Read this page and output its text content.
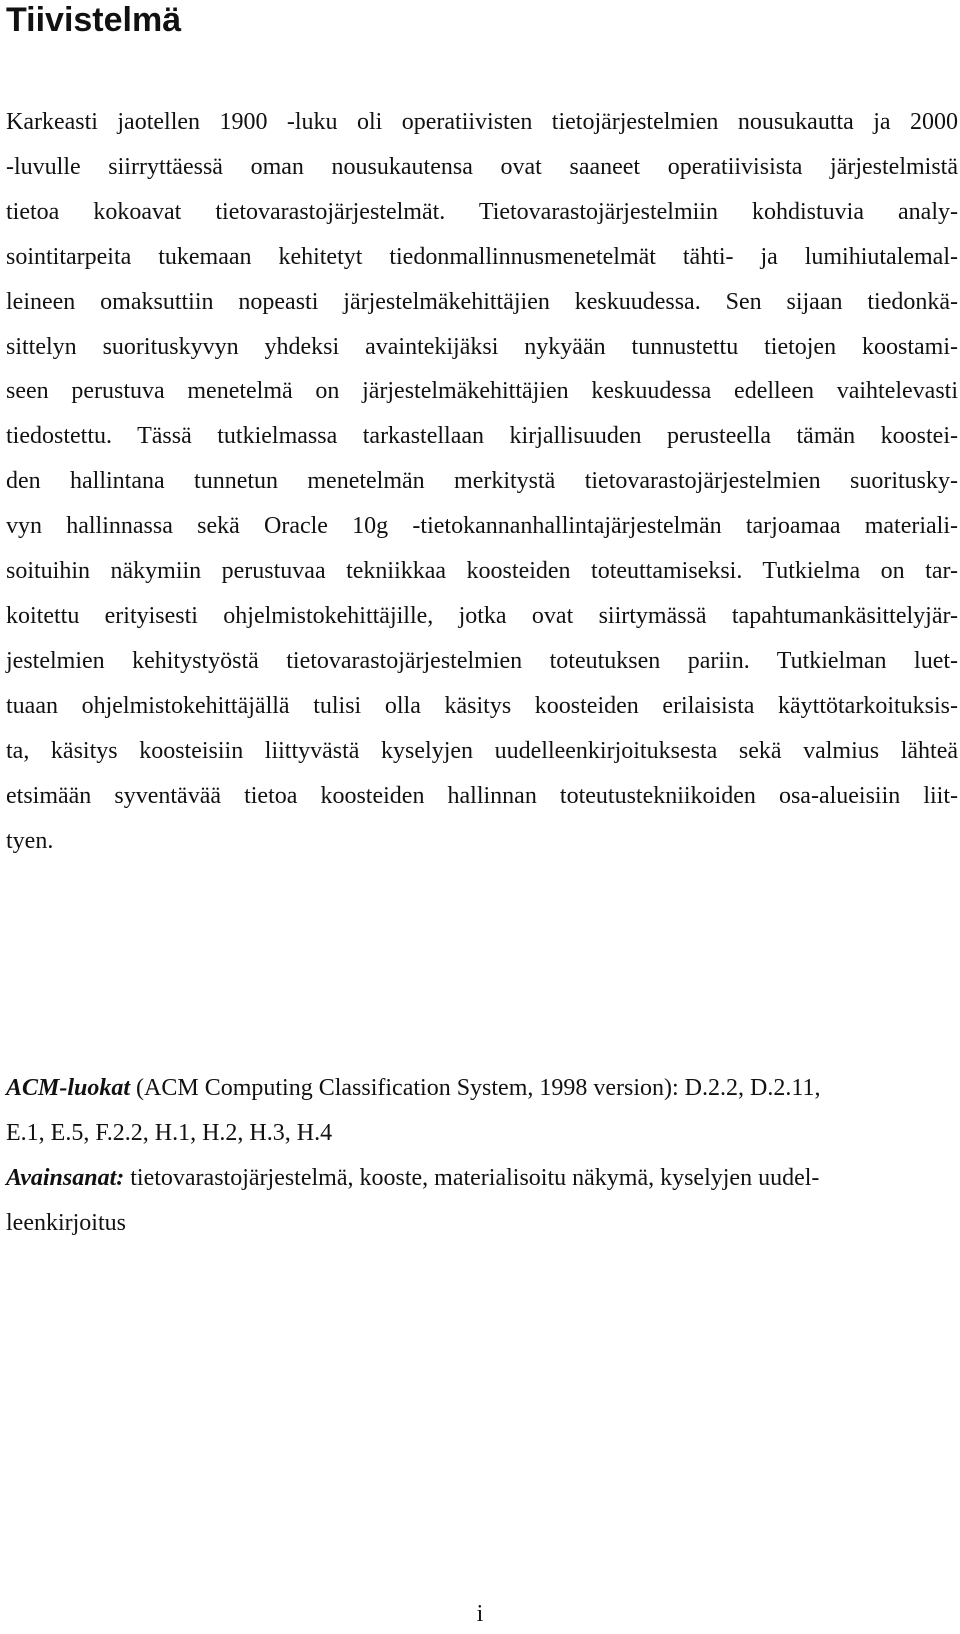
Tiivistelmä
Karkeasti jaotellen 1900 -luku oli operatiivisten tietojärjestelmien nousukautta ja 2000
-luvulle siirryttäessä oman nousukautensa ovat saaneet operatiivisista järjestelmistä
tietoa kokoavat tietovarastojärjestelmät. Tietovarastojärjestelmiin kohdistuvia analy-
sointitarpeita tukemaan kehitetyt tiedonmallinnusmenetelmät tähti- ja lumihiutalemal-
leineen omaksuttiin nopeasti järjestelmäkehittäjien keskuudessa. Sen sijaan tiedonkä-
sittelyn suorituskyvyn yhdeksi avaintekijäksi nykyään tunnustettu tietojen koostami-
seen perustuva menetelmä on järjestelmäkehittäjien keskuudessa edelleen vaihtelevasti
tiedostettu. Tässä tutkielmassa tarkastellaan kirjallisuuden perusteella tämän koostei-
den hallintana tunnetun menetelmän merkitystä tietovarastojärjestelmien suoritusky-
vyn hallinnassa sekä Oracle 10g -tietokannanhallintajärjestelmän tarjoamaa materiali-
soituihin näkymiin perustuvaa tekniikkaa koosteiden toteuttamiseksi. Tutkielma on tar-
koitettu erityisesti ohjelmistokehittäjille, jotka ovat siirtymässä tapahtumankäsittelyjär-
jestelmien kehitystyöstä tietovarastojärjestelmien toteutuksen pariin. Tutkielman luet-
tuaan ohjelmistokehittäjällä tulisi olla käsitys koosteiden erilaisista käyttötarkoituksis-
ta, käsitys koosteisiin liittyvästä kyselyjen uudelleenkirjoituksesta sekä valmius lähteä
etsimään syventävää tietoa koosteiden hallinnan toteutustekniikoiden osa-alueisiin liit-
tyen.
ACM-luokat (ACM Computing Classification System, 1998 version): D.2.2, D.2.11,
E.1, E.5, F.2.2, H.1, H.2, H.3, H.4
Avainsanat: tietovarastojärjestelmä, kooste, materialisoitu näkymä, kyselyjen uudel-
leenkirjoitus
i
